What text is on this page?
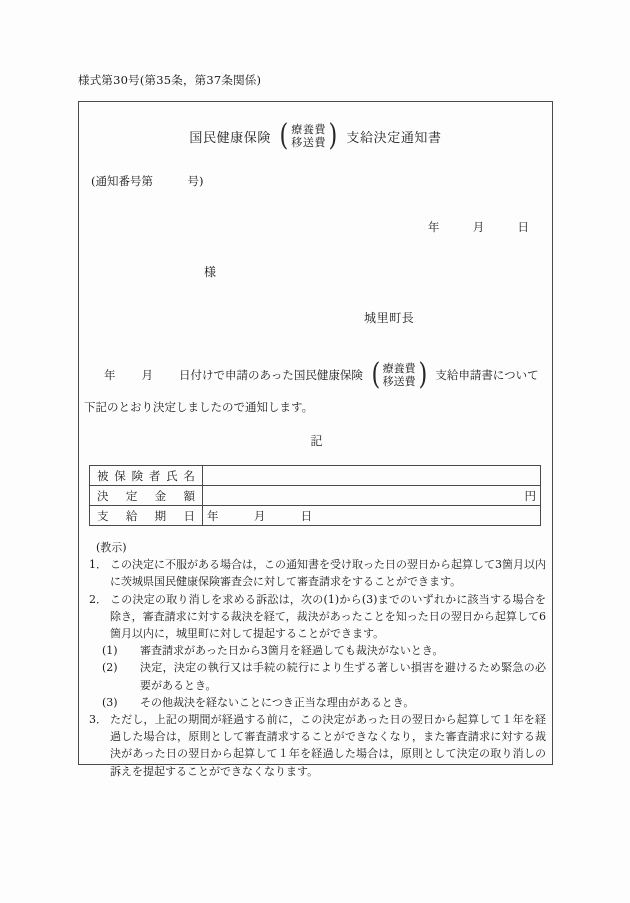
様式第30号(第35条，第37条関係)
国民健康保険 ( 療養費
移送費 ) 支給決定通知書
(通知番号第　　　号)
年	月	日
様
城里町長
年 月 日付けで申請のあった国民健康保険 ( 療養費
移送費 ) 支給申請書について
下記のとおり決定しましたので通知します。
記
被保険者氏名	
決定金額	円
支給期日	年 月 日
(教示)
1． この決定に不服がある場合は，この通知書を受け取った日の翌日から起算して3箇月以内に茨城県国民健康保険審査会に対して審査請求をすることができます。
2． この決定の取り消しを求める訴訟は，次の(1)から(3)までのいずれかに該当する場合を除き，審査請求に対する裁決を経て，裁決があったことを知った日の翌日から起算して6箇月以内に，城里町に対して提起することができます。
(1)	審査請求があった日から3箇月を経過しても裁決がないとき。
(2)	決定，決定の執行又は手続の続行により生ずる著しい損害を避けるため緊急の必要があるとき。
(3)	その他裁決を経ないことにつき正当な理由があるとき。
3． ただし，上記の期間が経過する前に，この決定があった日の翌日から起算して１年を経過した場合は，原則として審査請求することができなくなり，また審査請求に対する裁決があった日の翌日から起算して１年を経過した場合は，原則として決定の取り消しの訴えを提起することができなくなります。
